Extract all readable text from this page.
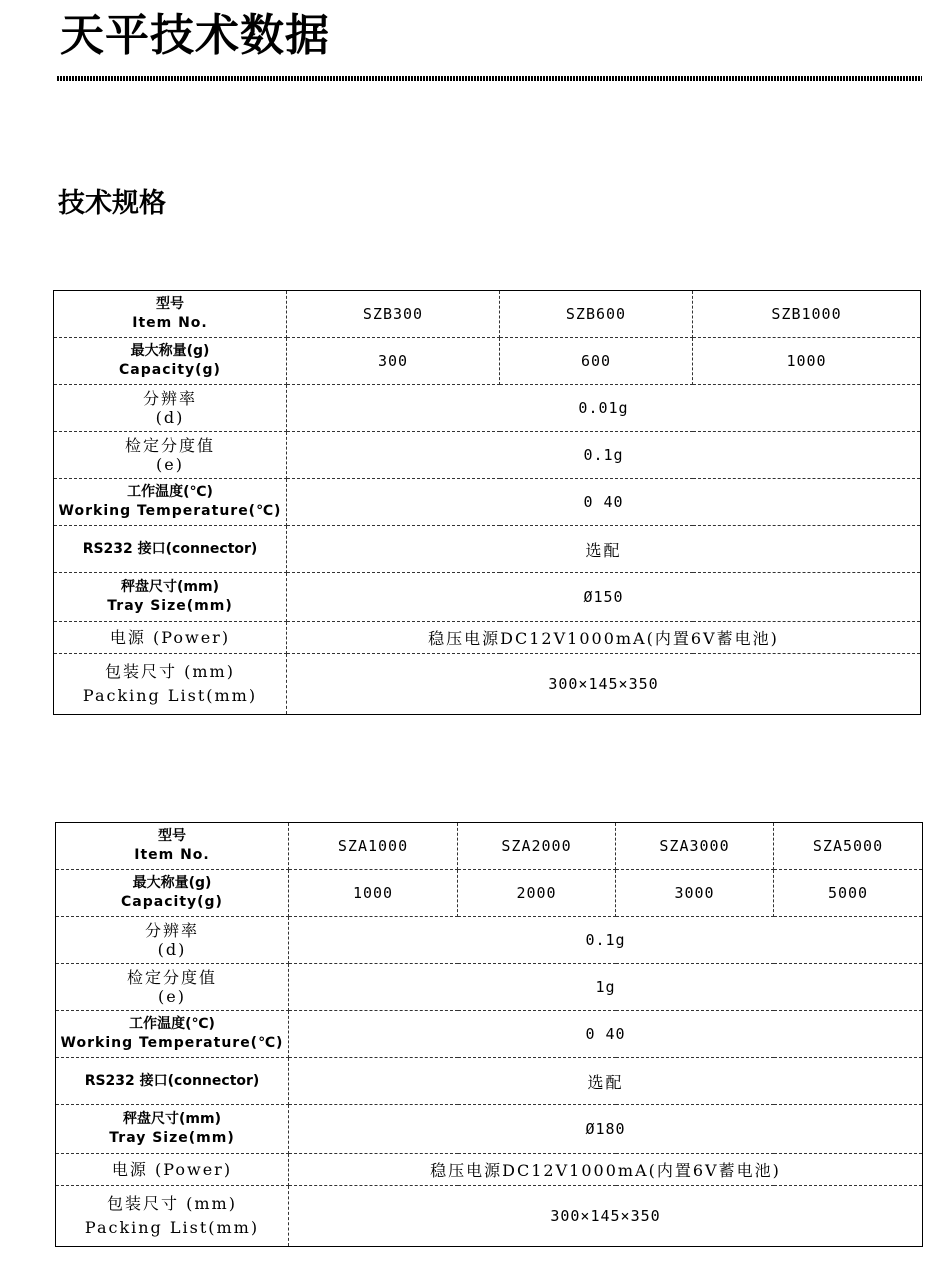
天平技术数据
技术规格
型号
Item No.	SZB300	SZB600	SZB1000

最大称量(g)
Capacity(g)	300	600	1000

分辨率
(d)	0.01g		

检定分度值
(e)	0.1g		

工作温度(℃)
Working Temperature(℃)	0 40		
RS232 接口(connector)	选配		

秤盘尺寸(mm)
Tray Size(mm)	Ø150		
电源 (Power)	稳压电源DC12V1000mA(内置6V蓄电池)		

包装尺寸 (mm)
Packing List(mm)	300×145×350		
型号
Item No.	SZA1000	SZA2000	SZA3000	SZA5000

最大称量(g)
Capacity(g)	1000	2000	3000	5000

分辨率
(d)	0.1g			

检定分度值
(e)	1g			

工作温度(℃)
Working Temperature(℃)	0 40			
RS232 接口(connector)	选配			

秤盘尺寸(mm)
Tray Size(mm)	Ø180			
电源 (Power)	稳压电源DC12V1000mA(内置6V蓄电池)			

包装尺寸 (mm)
Packing List(mm)	300×145×350			
